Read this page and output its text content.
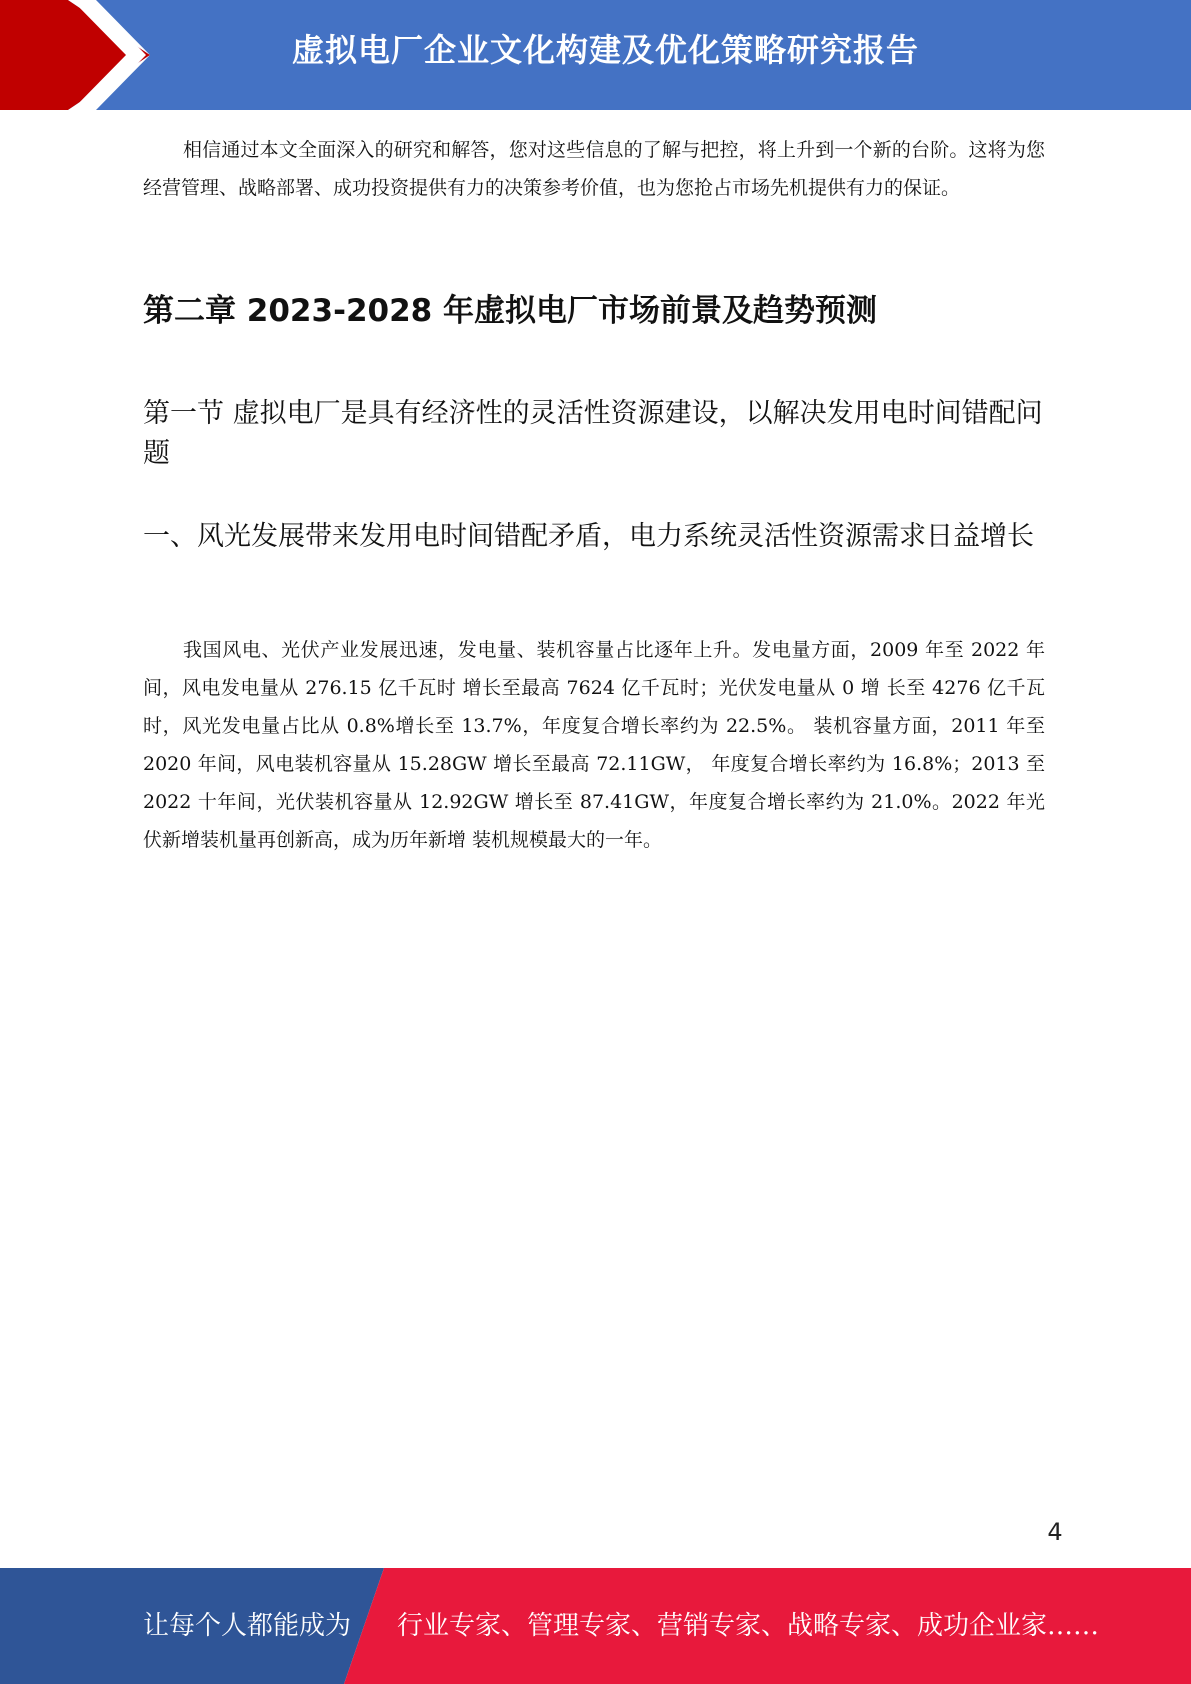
虚拟电厂企业文化构建及优化策略研究报告

相信通过本文全面深入的研究和解答，您对这些信息的了解与把控，将上升到一个新的台阶。这将为您经营管理、战略部署、成功投资提供有力的决策参考价值，也为您抢占市场先机提供有力的保证。

第二章 2023-2028 年虚拟电厂市场前景及趋势预测
第一节 虚拟电厂是具有经济性的灵活性资源建设，以解决发用电时间错配问题
一、风光发展带来发用电时间错配矛盾，电力系统灵活性资源需求日益增长

我国风电、光伏产业发展迅速，发电量、装机容量占比逐年上升。发电量方面，2009 年至 2022 年间，风电发电量从 276.15 亿千瓦时 增长至最高 7624 亿千瓦时；光伏发电量从 0 增 长至 4276 亿千瓦时，风光发电量占比从 0.8%增长至 13.7%，年度复合增长率约为 22.5%。 装机容量方面，2011 年至 2020 年间，风电装机容量从 15.28GW 增长至最高 72.11GW， 年度复合增长率约为 16.8%；2013 至 2022 十年间，光伏装机容量从 12.92GW 增长至 87.41GW，年度复合增长率约为 21.0%。2022 年光伏新增装机量再创新高，成为历年新增 装机规模最大的一年。

4
让每个人都能成为 行业专家、管理专家、营销专家、战略专家、成功企业家……
